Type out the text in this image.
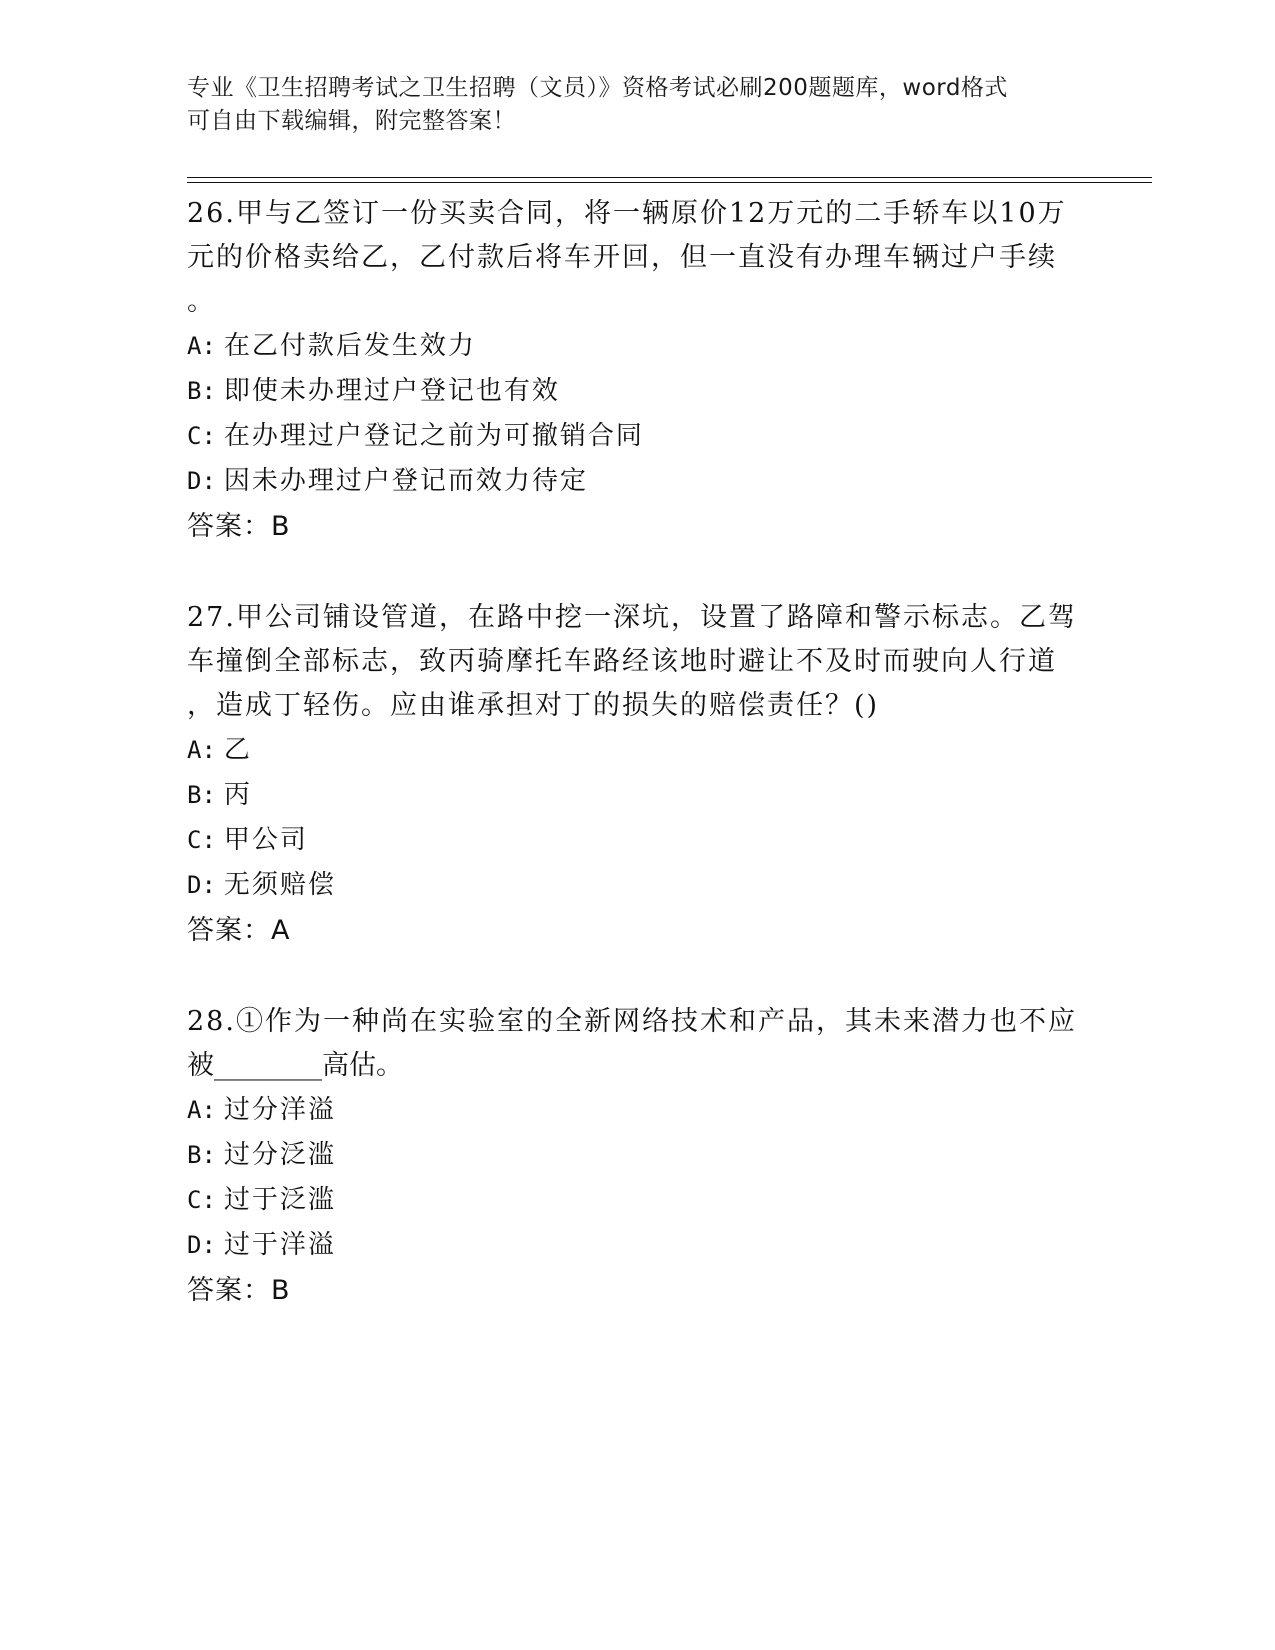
专业《卫生招聘考试之卫生招聘（文员）》资格考试必刷200题题库，word格式
可自由下载编辑，附完整答案！
26.甲与乙签订一份买卖合同，将一辆原价12万元的二手轿车以10万
元的价格卖给乙，乙付款后将车开回，但一直没有办理车辆过户手续
。
A: 在乙付款后发生效力
B: 即使未办理过户登记也有效
C: 在办理过户登记之前为可撤销合同
D: 因未办理过户登记而效力待定
答案：B
27.甲公司铺设管道，在路中挖一深坑，设置了路障和警示标志。乙驾
车撞倒全部标志，致丙骑摩托车路经该地时避让不及时而驶向人行道
，造成丁轻伤。应由谁承担对丁的损失的赔偿责任？()
A: 乙
B: 丙
C: 甲公司
D: 无须赔偿
答案：A
28.①作为一种尚在实验室的全新网络技术和产品，其未来潜力也不应
被________高估。
A: 过分洋溢
B: 过分泛滥
C: 过于泛滥
D: 过于洋溢
答案：B
